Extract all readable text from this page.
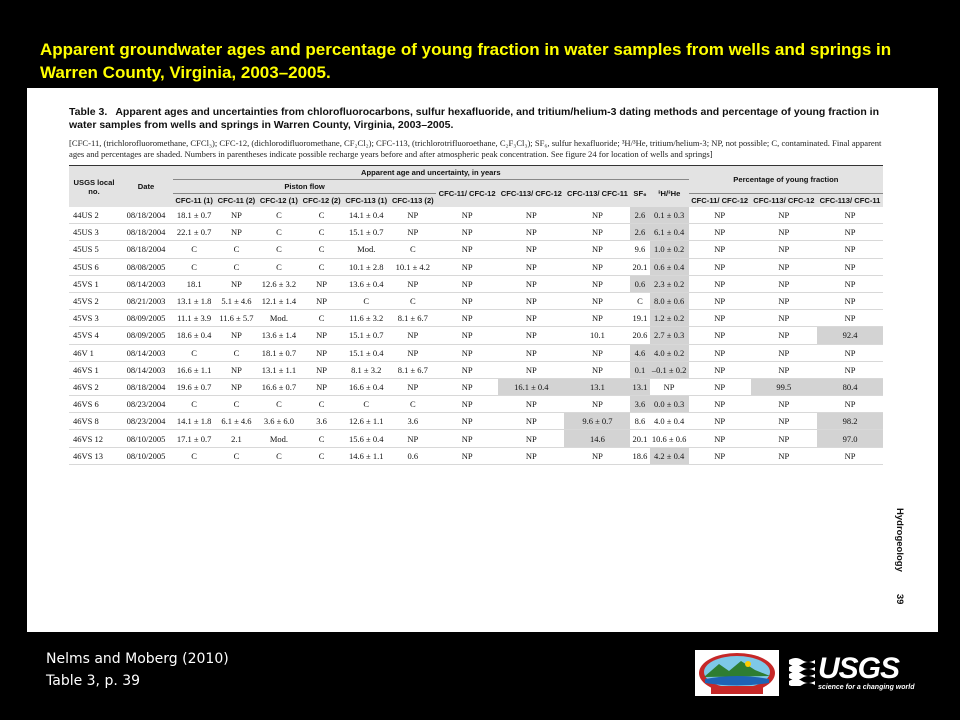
Apparent groundwater ages and percentage of young fraction in water samples from wells and springs in Warren County, Virginia, 2003–2005.

Table 3. Apparent ages and uncertainties from chlorofluorocarbons, sulfur hexafluoride, and tritium/helium-3 dating methods and percentage of young fraction in water samples from wells and springs in Warren County, Virginia, 2003–2005.

[CFC-11, (trichlorofluoromethane, CFCl₃); CFC-12, (dichlorodifluoromethane, CF₂Cl₂); CFC-113, (trichlorotrifluoroethane, C₂F₃Cl₃); SF₆, sulfur hexafluoride; ³H/³He, tritium/helium-3; NP, not possible; C, contaminated. Final apparent ages and percentages are shaded. Numbers in parentheses indicate possible recharge years before and after atmospheric peak concentration. See figure 24 for location of wells and springs]

USGS local no.	Date	Apparent age and uncertainty, in years											Percentage of young fraction		
		Piston flow						CFC-11/ CFC-12	CFC-113/ CFC-12	CFC-113/ CFC-11	SF₆	³H/³He			
		CFC-11 (1)	CFC-11 (2)	CFC-12 (1)	CFC-12 (2)	CFC-113 (1)	CFC-113 (2)						CFC-11/ CFC-12	CFC-113/ CFC-12	CFC-113/ CFC-11
44US 2	08/18/2004	18.1 ± 0.7	NP	C	C	14.1 ± 0.4	NP	NP	NP	NP	2.6	0.1 ± 0.3	NP	NP	NP
45US 3	08/18/2004	22.1 ± 0.7	NP	C	C	15.1 ± 0.7	NP	NP	NP	NP	2.6	6.1 ± 0.4	NP	NP	NP
45US 5	08/18/2004	C	C	C	C	Mod.	C	NP	NP	NP	9.6	1.0 ± 0.2	NP	NP	NP
45US 6	08/08/2005	C	C	C	C	10.1 ± 2.8	10.1 ± 4.2	NP	NP	NP	20.1	0.6 ± 0.4	NP	NP	NP
45VS 1	08/14/2003	18.1	NP	12.6 ± 3.2	NP	13.6 ± 0.4	NP	NP	NP	NP	0.6	2.3 ± 0.2	NP	NP	NP
45VS 2	08/21/2003	13.1 ± 1.8	5.1 ± 4.6	12.1 ± 1.4	NP	C	C	NP	NP	NP	C	8.0 ± 0.6	NP	NP	NP
45VS 3	08/09/2005	11.1 ± 3.9	11.6 ± 5.7	Mod.	C	11.6 ± 3.2	8.1 ± 6.7	NP	NP	NP	19.1	1.2 ± 0.2	NP	NP	NP
45VS 4	08/09/2005	18.6 ± 0.4	NP	13.6 ± 1.4	NP	15.1 ± 0.7	NP	NP	NP	10.1	20.6	2.7 ± 0.3	NP	NP	92.4
46V 1	08/14/2003	C	C	18.1 ± 0.7	NP	15.1 ± 0.4	NP	NP	NP	NP	4.6	4.0 ± 0.2	NP	NP	NP
46VS 1	08/14/2003	16.6 ± 1.1	NP	13.1 ± 1.1	NP	8.1 ± 3.2	8.1 ± 6.7	NP	NP	NP	0.1	–0.1 ± 0.2	NP	NP	NP
46VS 2	08/18/2004	19.6 ± 0.7	NP	16.6 ± 0.7	NP	16.6 ± 0.4	NP	NP	16.1 ± 0.4	13.1	13.1	NP	NP	99.5	80.4
46VS 6	08/23/2004	C	C	C	C	C	C	NP	NP	NP	3.6	0.0 ± 0.3	NP	NP	NP
46VS 8	08/23/2004	14.1 ± 1.8	6.1 ± 4.6	3.6 ± 6.0	3.6	12.6 ± 1.1	3.6	NP	NP	9.6 ± 0.7	8.6	4.0 ± 0.4	NP	NP	98.2
46VS 12	08/10/2005	17.1 ± 0.7	2.1	Mod.	C	15.6 ± 0.4	NP	NP	NP	14.6	20.1	10.6 ± 0.6	NP	NP	97.0
46VS 13	08/10/2005	C	C	C	C	14.6 ± 1.1	0.6	NP	NP	NP	18.6	4.2 ± 0.4	NP	NP	NP
Hydrogeology39
Nelms and Moberg (2010)
Table 3, p. 39	USGS
science for a changing world
